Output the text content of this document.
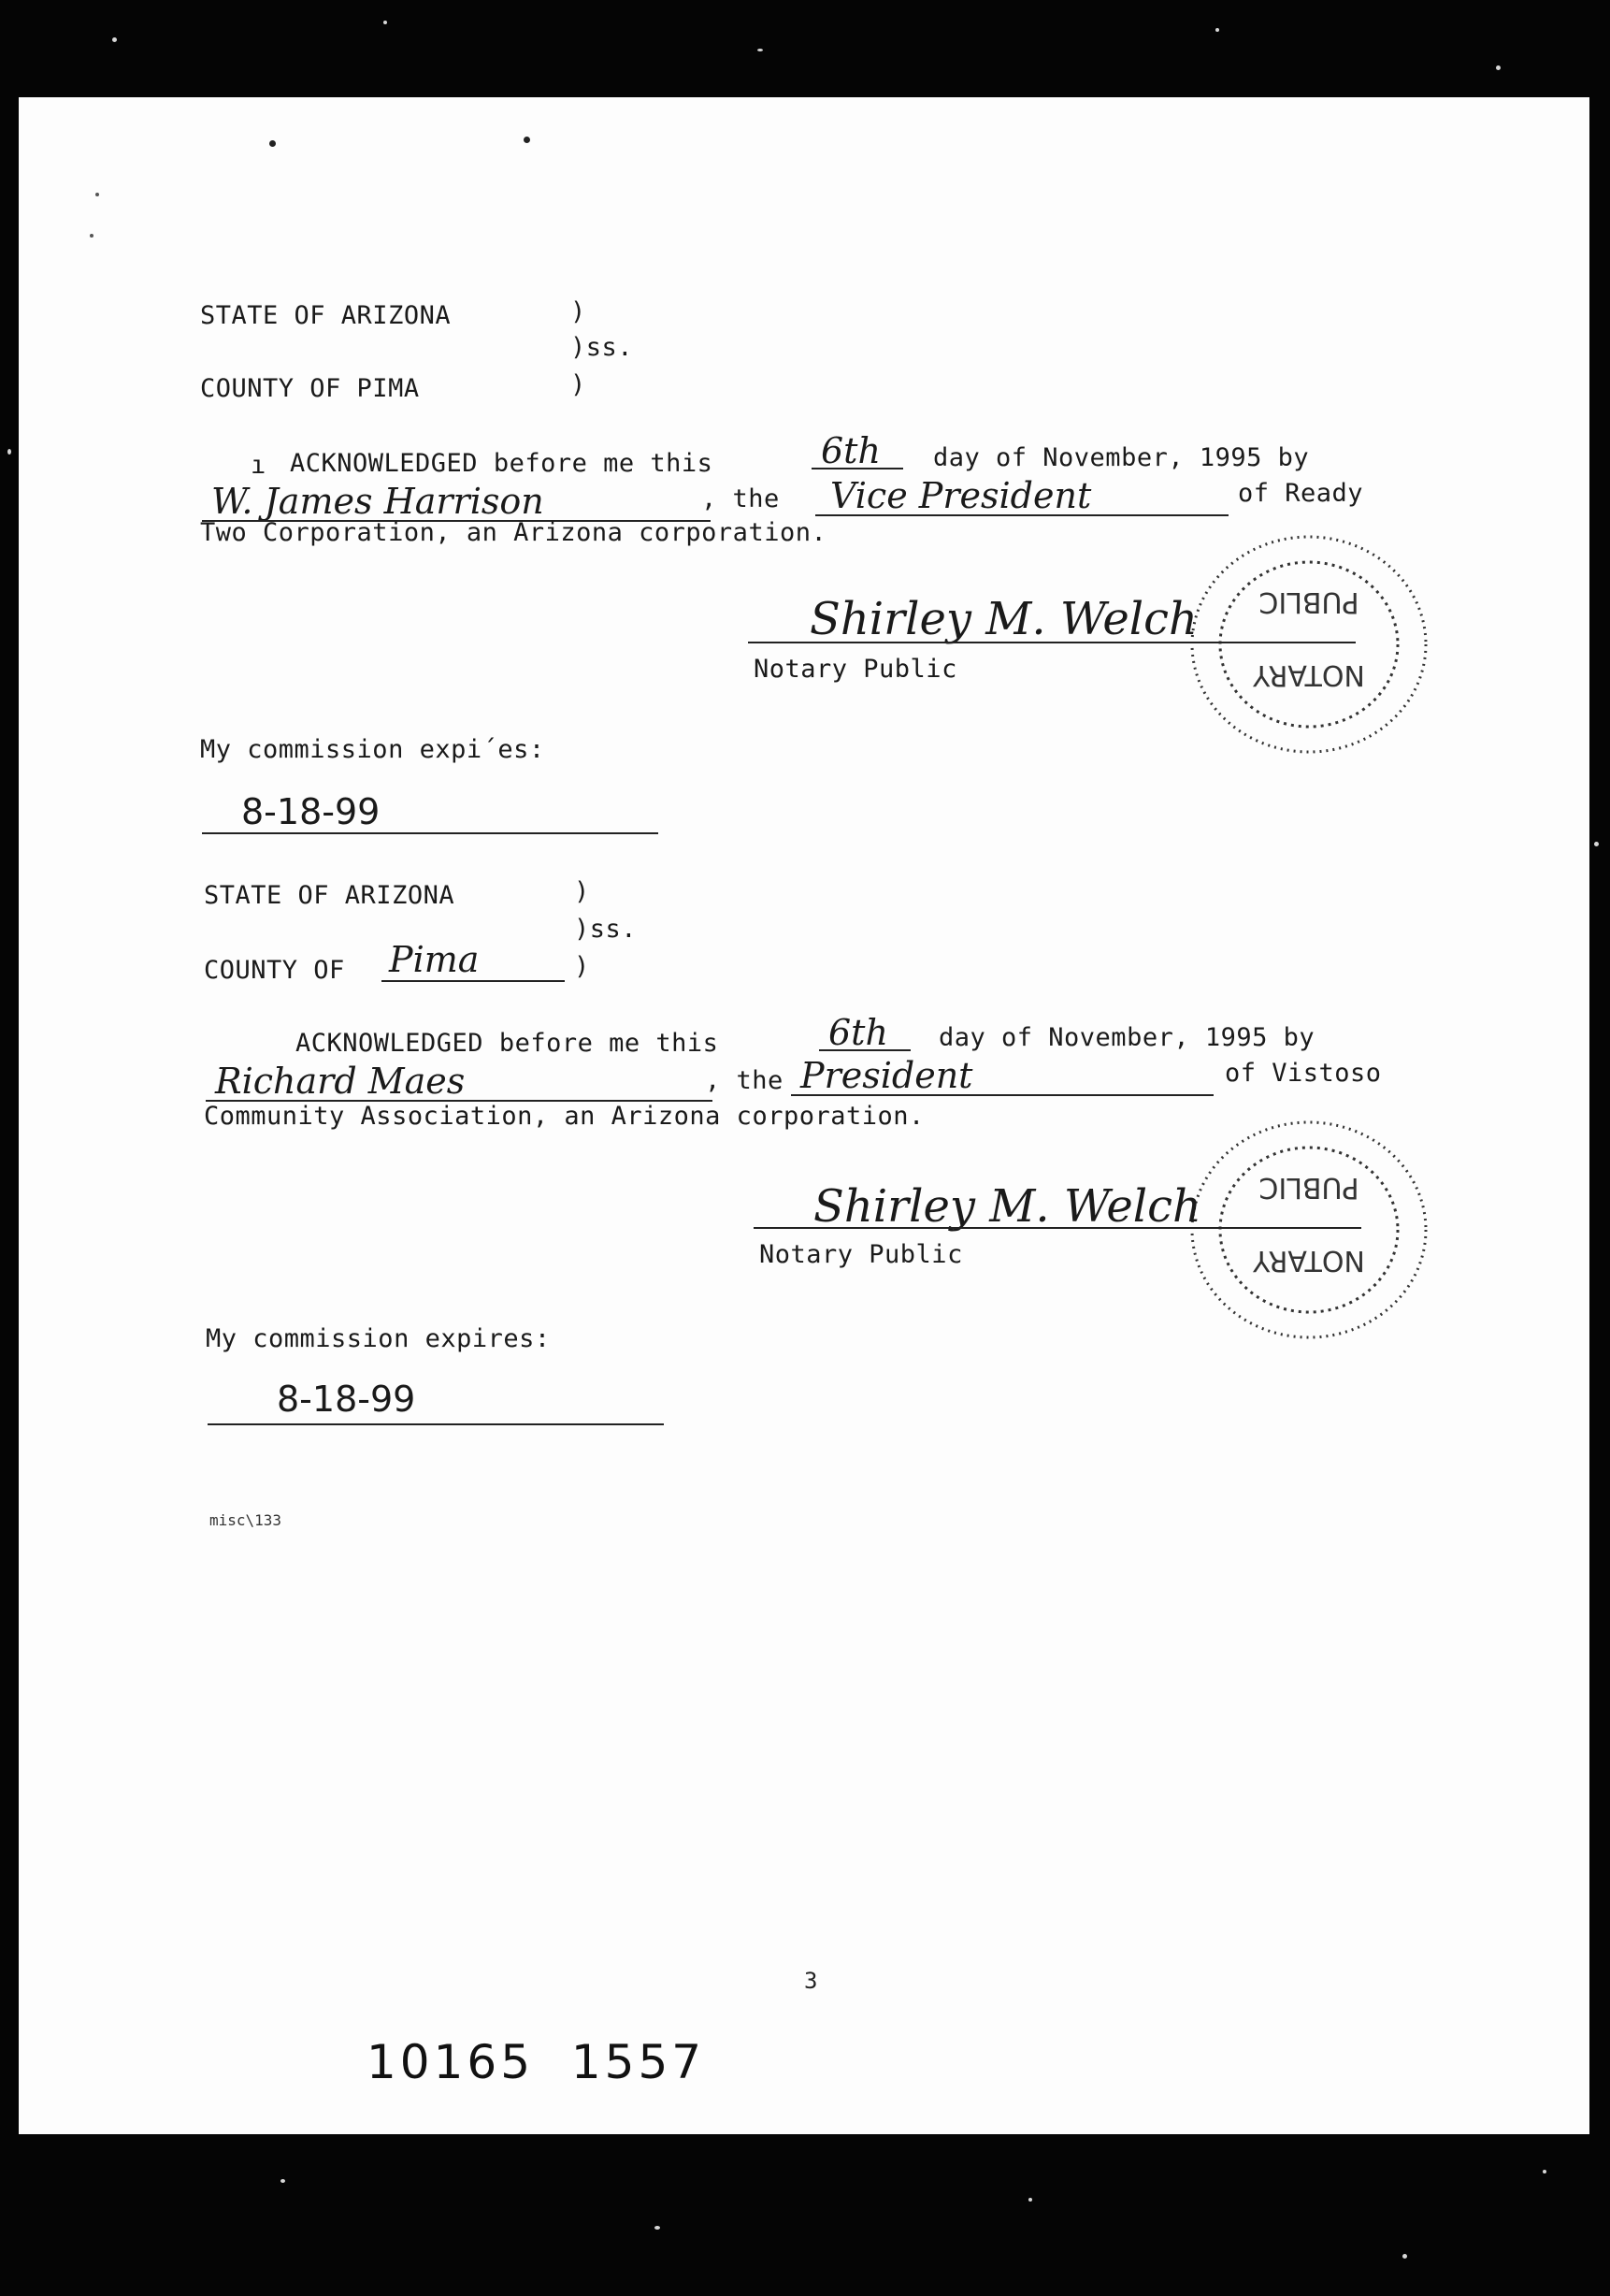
STATE OF ARIZONA	)
)ss.
COUNTY OF PIMA	)
ı ACKNOWLEDGED before me this	6th day of November, 1995 by
W. James Harrison	, the Vice President	of Ready
Two Corporation, an Arizona corporation.
PUBLIC
NOTARY
Shirley M. Welch
Notary Public
My commission expi´es:
8-18-99
STATE OF ARIZONA	)
)ss.
COUNTY OF Pima	)
ACKNOWLEDGED before me this	6th day of November, 1995 by
Richard Maes	, the President	of Vistoso
Community Association, an Arizona corporation.
PUBLIC
NOTARY
Shirley M. Welch
Notary Public
My commission expires:
8-18-99
misc\133
3
10165  1557
